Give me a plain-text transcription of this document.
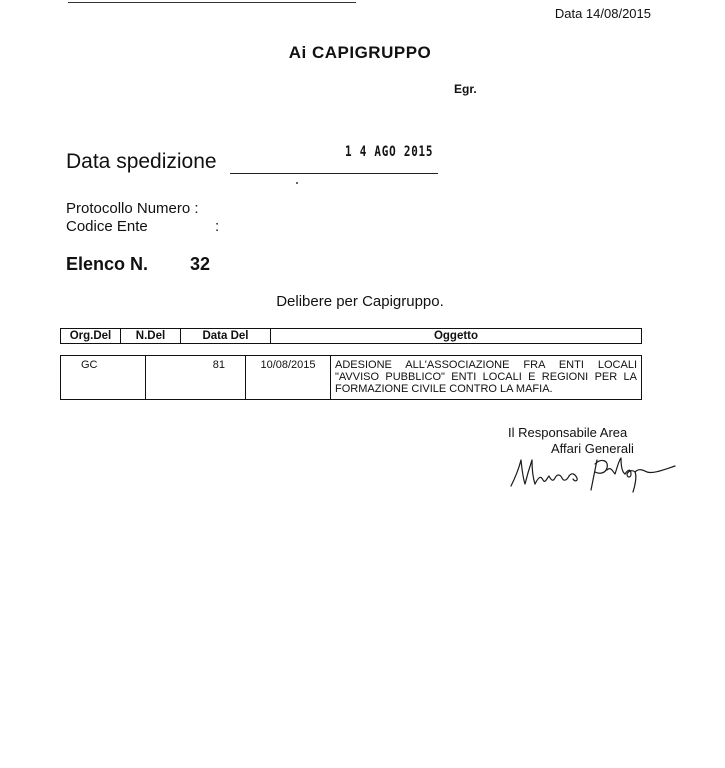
Data 14/08/2015
Ai CAPIGRUPPO
Egr.
Data spedizione	1 4 AGO 2015
Protocollo Numero :
Codice Ente	:
Elenco N. 32
Delibere per Capigruppo.
Org.Del	N.Del	Data Del	Oggetto
GC	81	10/08/2015	ADESIONE ALL'ASSOCIAZIONE FRA ENTI LOCALI "AVVISO PUBBLICO" ENTI LOCALI E REGIONI PER LA FORMAZIONE CIVILE CONTRO LA MAFIA.
Il Responsabile Area
Affari Generali
